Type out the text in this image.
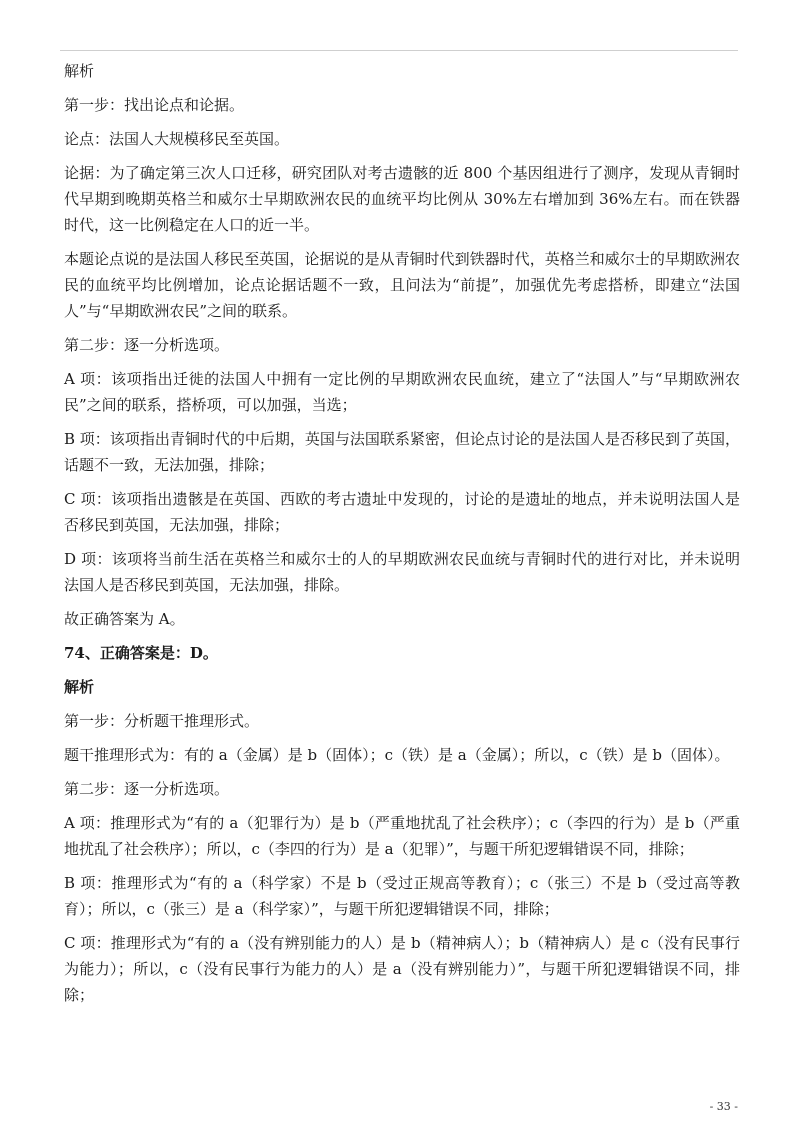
解析

第一步：找出论点和论据。

论点：法国人大规模移民至英国。

论据：为了确定第三次人口迁移，研究团队对考古遗骸的近 800 个基因组进行了测序，发现从青铜时代早期到晚期英格兰和威尔士早期欧洲农民的血统平均比例从 30%左右增加到 36%左右。而在铁器时代，这一比例稳定在人口的近一半。

本题论点说的是法国人移民至英国，论据说的是从青铜时代到铁器时代，英格兰和威尔士的早期欧洲农民的血统平均比例增加，论点论据话题不一致，且问法为“前提”，加强优先考虑搭桥，即建立“法国人”与“早期欧洲农民”之间的联系。

第二步：逐一分析选项。

A 项：该项指出迁徙的法国人中拥有一定比例的早期欧洲农民血统，建立了“法国人”与“早期欧洲农民”之间的联系，搭桥项，可以加强，当选；

B 项：该项指出青铜时代的中后期，英国与法国联系紧密，但论点讨论的是法国人是否移民到了英国，话题不一致，无法加强，排除；

C 项：该项指出遗骸是在英国、西欧的考古遗址中发现的，讨论的是遗址的地点，并未说明法国人是否移民到英国，无法加强，排除；

D 项：该项将当前生活在英格兰和威尔士的人的早期欧洲农民血统与青铜时代的进行对比，并未说明法国人是否移民到英国，无法加强，排除。

故正确答案为 A。

74、正确答案是：D。

解析

第一步：分析题干推理形式。

题干推理形式为：有的 a（金属）是 b（固体）；c（铁）是 a（金属）；所以，c（铁）是 b（固体）。

第二步：逐一分析选项。

A 项：推理形式为“有的 a（犯罪行为）是 b（严重地扰乱了社会秩序）；c（李四的行为）是 b（严重地扰乱了社会秩序）；所以，c（李四的行为）是 a（犯罪）”，与题干所犯逻辑错误不同，排除；

B 项：推理形式为“有的 a（科学家）不是 b（受过正规高等教育）；c（张三）不是 b（受过高等教育）；所以，c（张三）是 a（科学家）”，与题干所犯逻辑错误不同，排除；

C 项：推理形式为“有的 a（没有辨别能力的人）是 b（精神病人）；b（精神病人）是 c（没有民事行为能力）；所以，c（没有民事行为能力的人）是 a（没有辨别能力）”，与题干所犯逻辑错误不同，排除；

- 33 -
